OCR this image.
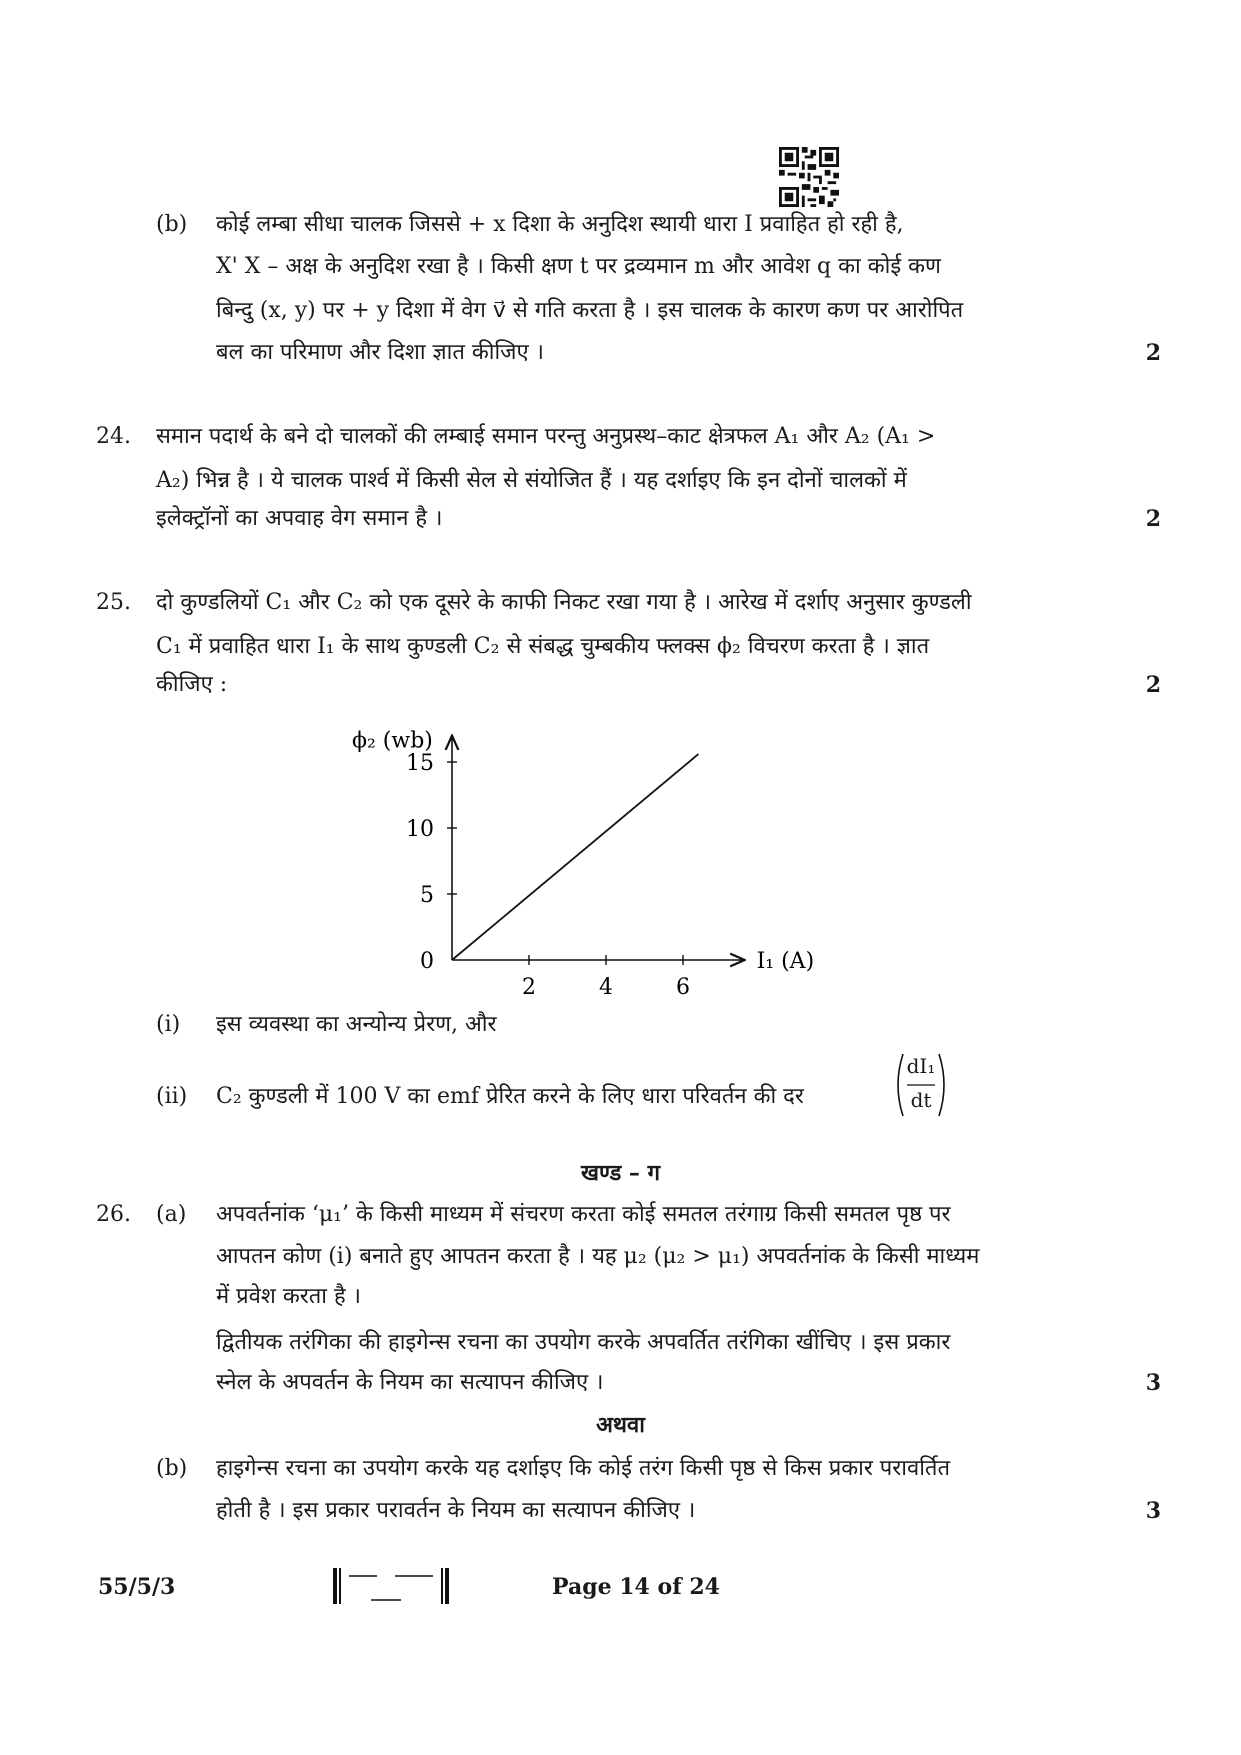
(b) कोई लम्बा सीधा चालक जिससे + x दिशा के अनुदिश स्थायी धारा I प्रवाहित हो रही है,
X' X – अक्ष के अनुदिश रखा है । किसी क्षण t पर द्रव्यमान m और आवेश q का कोई कण
बिन्दु (x, y) पर + y दिशा में वेग v⃗ से गति करता है । इस चालक के कारण कण पर आरोपित
बल का परिमाण और दिशा ज्ञात कीजिए ।	2
24. समान पदार्थ के बने दो चालकों की लम्बाई समान परन्तु अनुप्रस्थ–काट क्षेत्रफल A₁ और A₂ (A₁ >
A₂) भिन्न है । ये चालक पार्श्व में किसी सेल से संयोजित हैं । यह दर्शाइए कि इन दोनों चालकों में
इलेक्ट्रॉनों का अपवाह वेग समान है ।	2
25. दो कुण्डलियों C₁ और C₂ को एक दूसरे के काफी निकट रखा गया है । आरेख में दर्शाए अनुसार कुण्डली
C₁ में प्रवाहित धारा I₁ के साथ कुण्डली C₂ से संबद्ध चुम्बकीय फ्लक्स ϕ₂ विचरण करता है । ज्ञात
कीजिए :	2
2	4	6
0
5
10
15
ϕ₂ (wb)
I₁ (A)
(i) इस व्यवस्था का अन्योन्य प्रेरण, और
(ii) C₂ कुण्डली में 100 V का emf प्रेरित करने के लिए धारा परिवर्तन की दर
dI₁
dt
खण्ड – ग
26. (a) अपवर्तनांक ‘μ₁’ के किसी माध्यम में संचरण करता कोई समतल तरंगाग्र किसी समतल पृष्ठ पर
आपतन कोण (i) बनाते हुए आपतन करता है । यह μ₂ (μ₂ > μ₁) अपवर्तनांक के किसी माध्यम
में प्रवेश करता है ।
द्वितीयक तरंगिका की हाइगेन्स रचना का उपयोग करके अपवर्तित तरंगिका खींचिए । इस प्रकार
स्नेल के अपवर्तन के नियम का सत्यापन कीजिए ।	3
अथवा
(b) हाइगेन्स रचना का उपयोग करके यह दर्शाइए कि कोई तरंग किसी पृष्ठ से किस प्रकार परावर्तित
होती है । इस प्रकार परावर्तन के नियम का सत्यापन कीजिए ।	3
55/5/3	Page 14 of 24
